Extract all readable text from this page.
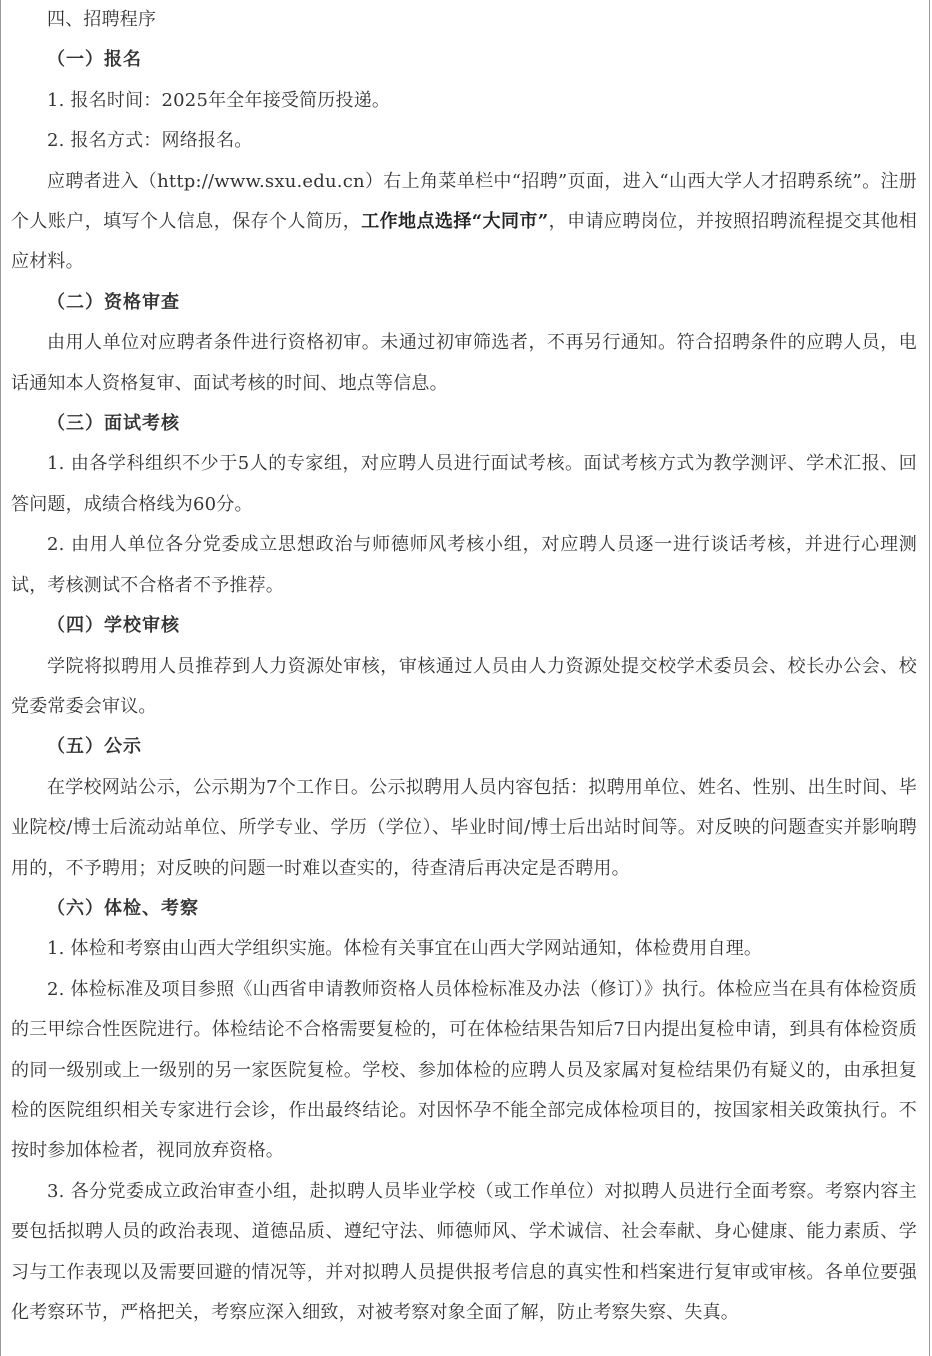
四、招聘程序

（一）报名

1. 报名时间：2025年全年接受简历投递。

2. 报名方式：网络报名。

应聘者进入（http://www.sxu.edu.cn）右上角菜单栏中“招聘”页面，进入“山西大学人才招聘系统”。注册个人账户，填写个人信息，保存个人简历，工作地点选择“大同市”，申请应聘岗位，并按照招聘流程提交其他相应材料。

（二）资格审查

由用人单位对应聘者条件进行资格初审。未通过初审筛选者，不再另行通知。符合招聘条件的应聘人员，电话通知本人资格复审、面试考核的时间、地点等信息。

（三）面试考核

1. 由各学科组织不少于5人的专家组，对应聘人员进行面试考核。面试考核方式为教学测评、学术汇报、回答问题，成绩合格线为60分。

2. 由用人单位各分党委成立思想政治与师德师风考核小组，对应聘人员逐一进行谈话考核，并进行心理测试，考核测试不合格者不予推荐。

（四）学校审核

学院将拟聘用人员推荐到人力资源处审核，审核通过人员由人力资源处提交校学术委员会、校长办公会、校党委常委会审议。

（五）公示

在学校网站公示，公示期为7个工作日。公示拟聘用人员内容包括：拟聘用单位、姓名、性别、出生时间、毕业院校/博士后流动站单位、所学专业、学历（学位）、毕业时间/博士后出站时间等。对反映的问题查实并影响聘用的，不予聘用；对反映的问题一时难以查实的，待查清后再决定是否聘用。

（六）体检、考察

1. 体检和考察由山西大学组织实施。体检有关事宜在山西大学网站通知，体检费用自理。

2. 体检标准及项目参照《山西省申请教师资格人员体检标准及办法（修订）》执行。体检应当在具有体检资质的三甲综合性医院进行。体检结论不合格需要复检的，可在体检结果告知后7日内提出复检申请，到具有体检资质的同一级别或上一级别的另一家医院复检。学校、参加体检的应聘人员及家属对复检结果仍有疑义的，由承担复检的医院组织相关专家进行会诊，作出最终结论。对因怀孕不能全部完成体检项目的，按国家相关政策执行。不按时参加体检者，视同放弃资格。

3. 各分党委成立政治审查小组，赴拟聘人员毕业学校（或工作单位）对拟聘人员进行全面考察。考察内容主要包括拟聘人员的政治表现、道德品质、遵纪守法、师德师风、学术诚信、社会奉献、身心健康、能力素质、学习与工作表现以及需要回避的情况等，并对拟聘人员提供报考信息的真实性和档案进行复审或审核。各单位要强化考察环节，严格把关，考察应深入细致，对被考察对象全面了解，防止考察失察、失真。
